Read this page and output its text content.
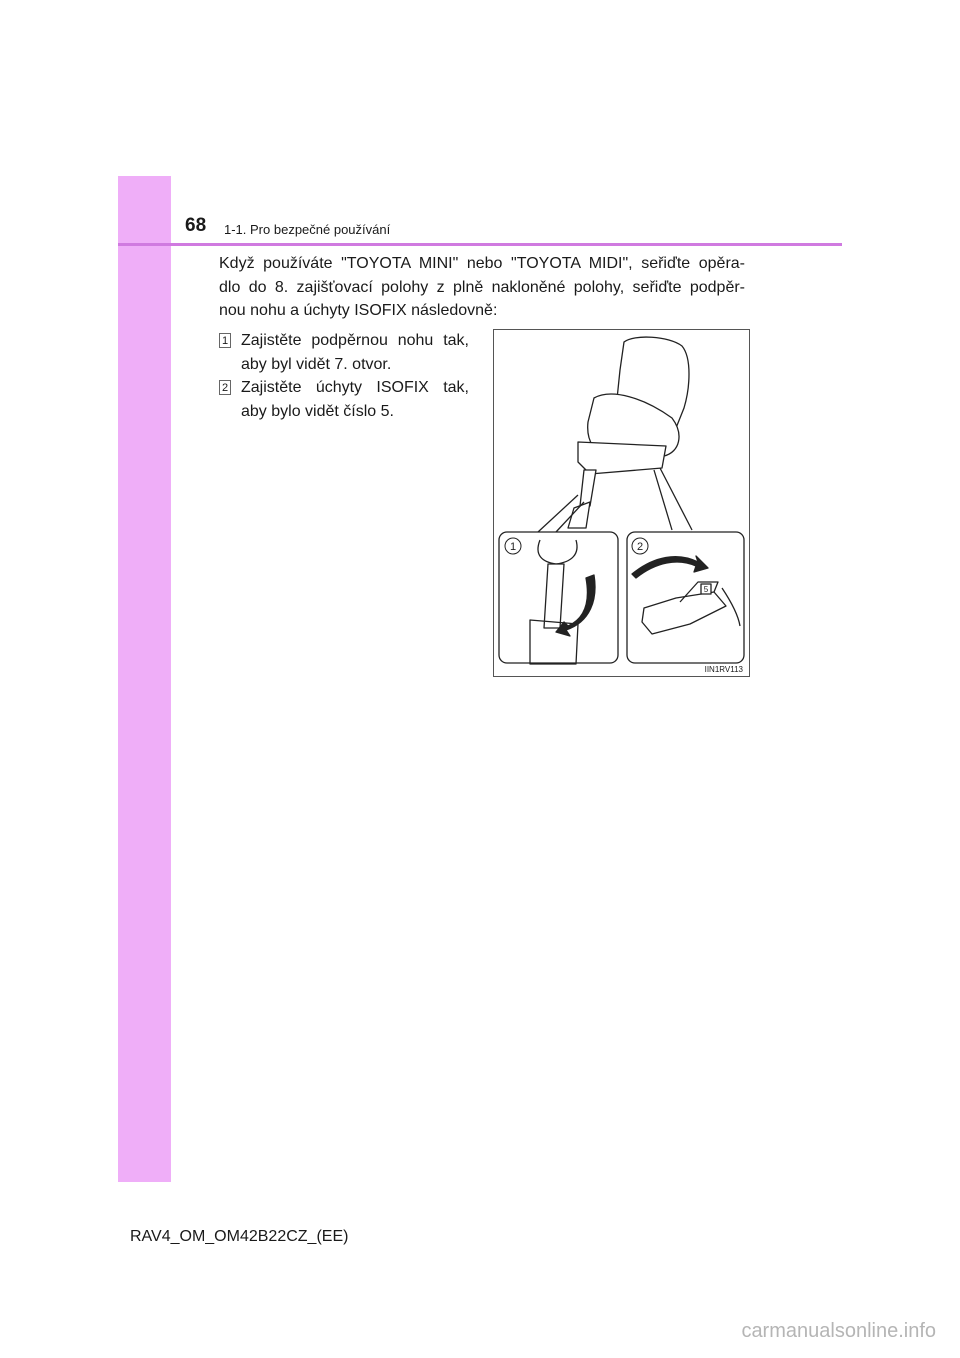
68 1-1. Pro bezpečné používání
Když používáte "TOYOTA MINI" nebo "TOYOTA MIDI", seřiďte opěra-
dlo do 8. zajišťovací polohy z plně nakloněné polohy, seřiďte podpěr-
nou nohu a úchyty ISOFIX následovně:
1 Zajistěte podpěrnou nohu tak,
aby byl vidět 7. otvor.
2 Zajistěte úchyty ISOFIX tak,
aby bylo vidět číslo 5.
1	2
5
IIN1RV113
RAV4_OM_OM42B22CZ_(EE)
carmanualsonline.info
